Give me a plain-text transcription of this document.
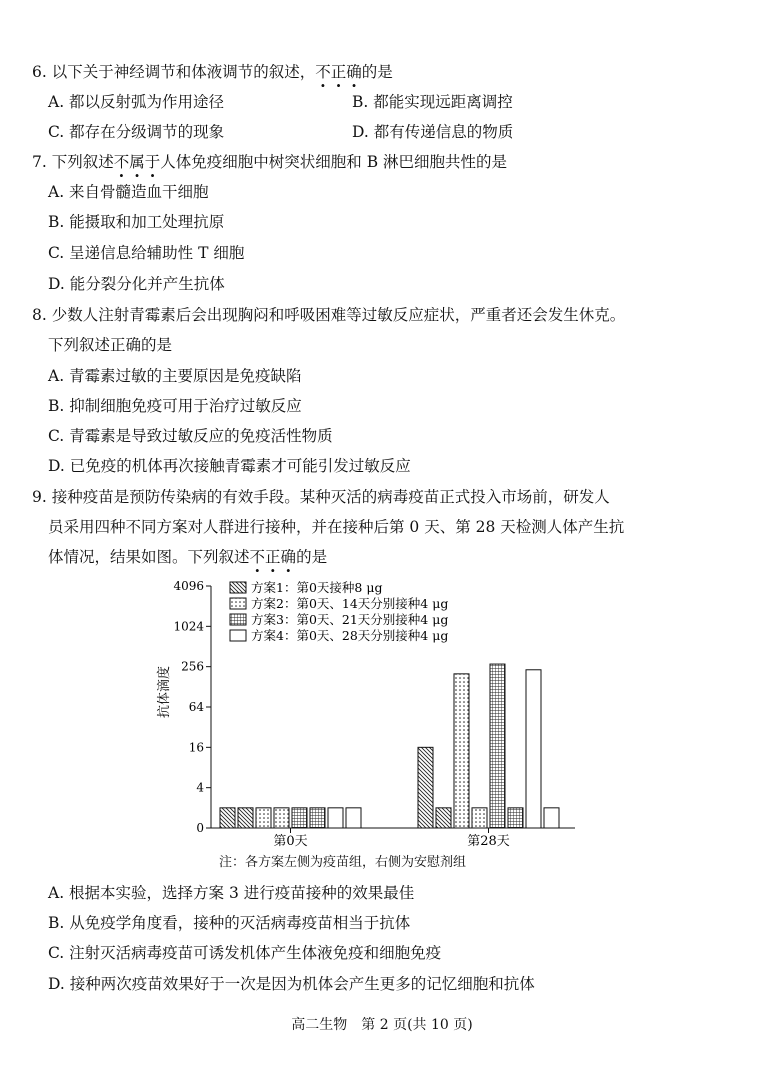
6. 以下关于神经调节和体液调节的叙述，不正确的是
A. 都以反射弧为作用途径	B. 都能实现远距离调控
C. 都存在分级调节的现象	D. 都有传递信息的物质
7. 下列叙述不属于人体免疫细胞中树突状细胞和 B 淋巴细胞共性的是
A. 来自骨髓造血干细胞
B. 能摄取和加工处理抗原
C. 呈递信息给辅助性 T 细胞
D. 能分裂分化并产生抗体
8. 少数人注射青霉素后会出现胸闷和呼吸困难等过敏反应症状，严重者还会发生休克。
下列叙述正确的是
A. 青霉素过敏的主要原因是免疫缺陷
B. 抑制细胞免疫可用于治疗过敏反应
C. 青霉素是导致过敏反应的免疫活性物质
D. 已免疫的机体再次接触青霉素才可能引发过敏反应
9. 接种疫苗是预防传染病的有效手段。某种灭活的病毒疫苗正式投入市场前，研发人
员采用四种不同方案对人群进行接种，并在接种后第 0 天、第 28 天检测人体产生抗
体情况，结果如图。下列叙述不正确的是
0
4
16
64
256
1024
4096
第0天	第28天
方案1：第0天接种8 μg
方案2：第0天、14天分别接种4 μg
方案3：第0天、21天分别接种4 μg
方案4：第0天、28天分别接种4 μg
抗体滴度
注：各方案左侧为疫苗组，右侧为安慰剂组
A. 根据本实验，选择方案 3 进行疫苗接种的效果最佳
B. 从免疫学角度看，接种的灭活病毒疫苗相当于抗体
C. 注射灭活病毒疫苗可诱发机体产生体液免疫和细胞免疫
D. 接种两次疫苗效果好于一次是因为机体会产生更多的记忆细胞和抗体
高二生物　第 2 页(共 10 页)
